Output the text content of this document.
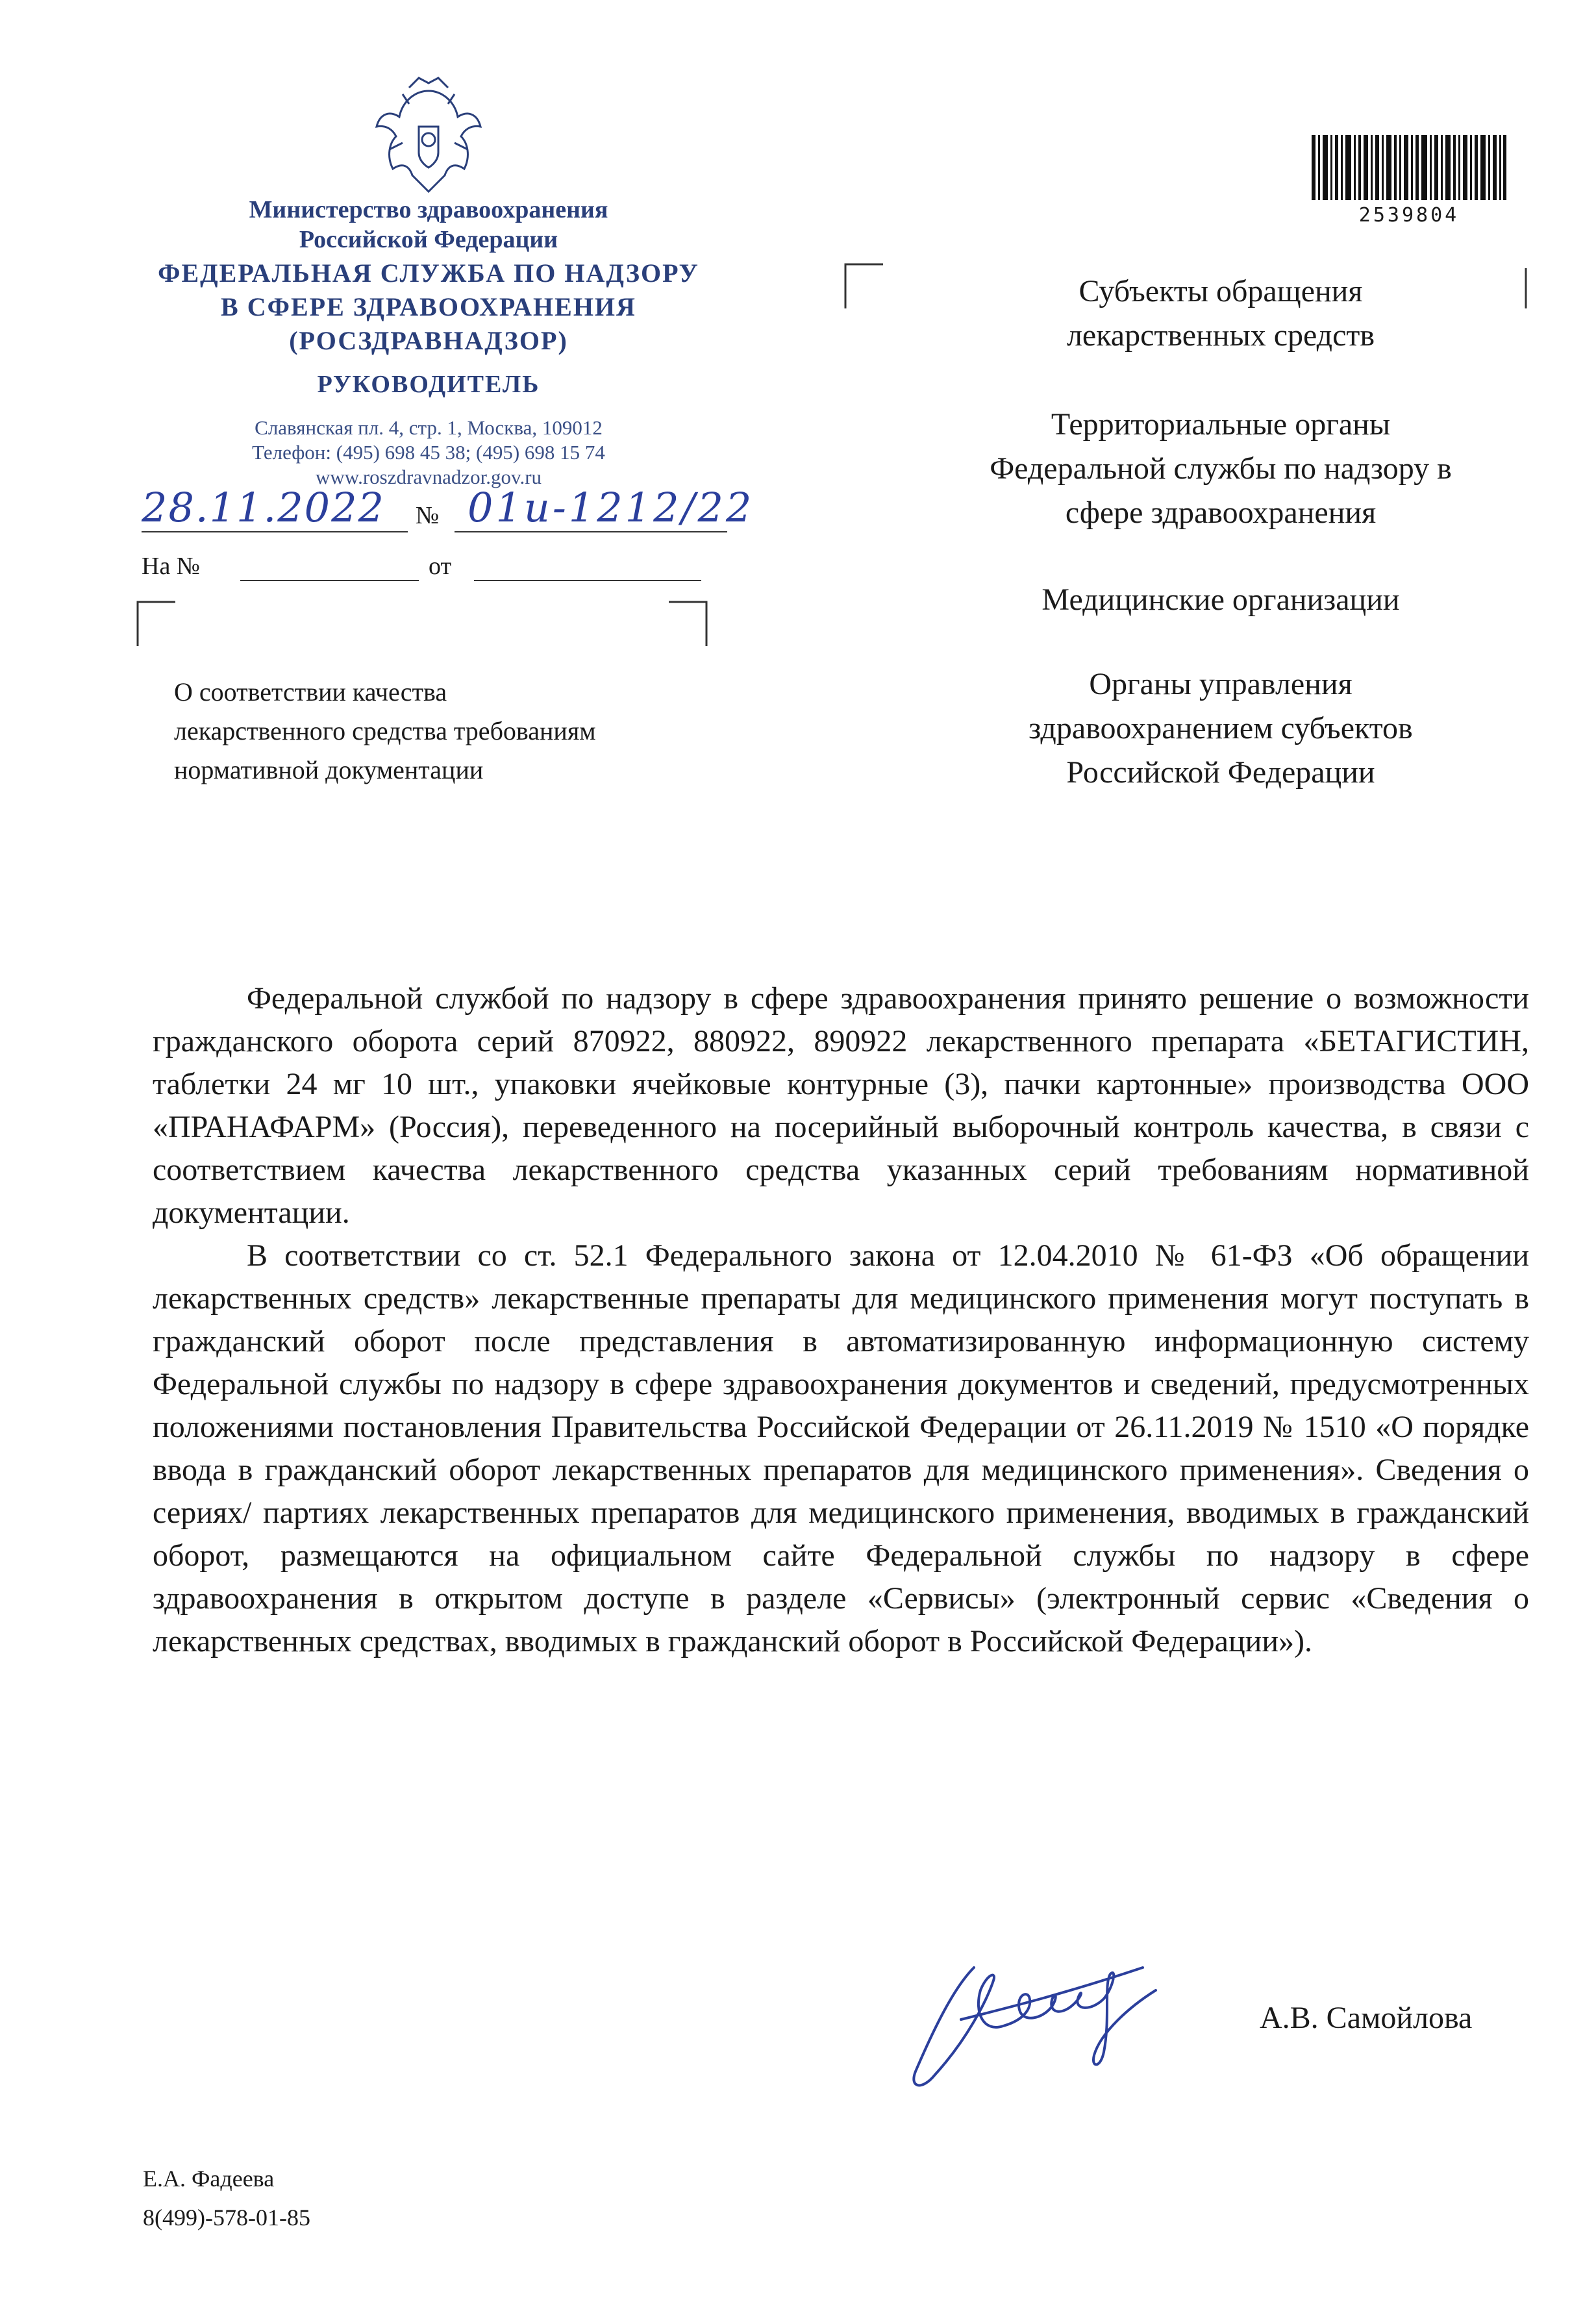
Министерство здравоохранения
Российской Федерации
ФЕДЕРАЛЬНАЯ СЛУЖБА ПО НАДЗОРУ
В СФЕРЕ ЗДРАВООХРАНЕНИЯ
(РОСЗДРАВНАДЗОР)
РУКОВОДИТЕЛЬ
Славянская пл. 4, стр. 1, Москва, 109012
Телефон: (495) 698 45 38; (495) 698 15 74
www.roszdravnadzor.gov.ru
2539804
28.11.2022 № 01и-1212/22
На №	от
О соответствии качества
лекарственного средства требованиям
нормативной документации
Субъекты обращения
лекарственных средств
Территориальные органы
Федеральной службы по надзору в
сфере здравоохранения
Медицинские организации
Органы управления
здравоохранением субъектов
Российской Федерации

Федеральной службой по надзору в сфере здравоохранения принято решение о возможности гражданского оборота серий 870922, 880922, 890922 лекарственного препарата «БЕТАГИСТИН, таблетки 24 мг 10 шт., упаковки ячейковые контурные (3), пачки картонные» производства ООО «ПРАНАФАРМ» (Россия), переведенного на посерийный выборочный контроль качества, в связи с соответствием качества лекарственного средства указанных серий требованиям нормативной документации.

В соответствии со ст. 52.1 Федерального закона от 12.04.2010 № 61-ФЗ «Об обращении лекарственных средств» лекарственные препараты для медицинского применения могут поступать в гражданский оборот после представления в автоматизированную информационную систему Федеральной службы по надзору в сфере здравоохранения документов и сведений, предусмотренных положениями постановления Правительства Российской Федерации от 26.11.2019 № 1510 «О порядке ввода в гражданский оборот лекарственных препаратов для медицинского применения». Сведения о сериях/ партиях лекарственных препаратов для медицинского применения, вводимых в гражданский оборот, размещаются на официальном сайте Федеральной службы по надзору в сфере здравоохранения в открытом доступе в разделе «Сервисы» (электронный сервис «Сведения о лекарственных средствах, вводимых в гражданский оборот в Российской Федерации»).

А.В. Самойлова
Е.А. Фадеева
8(499)-578-01-85
